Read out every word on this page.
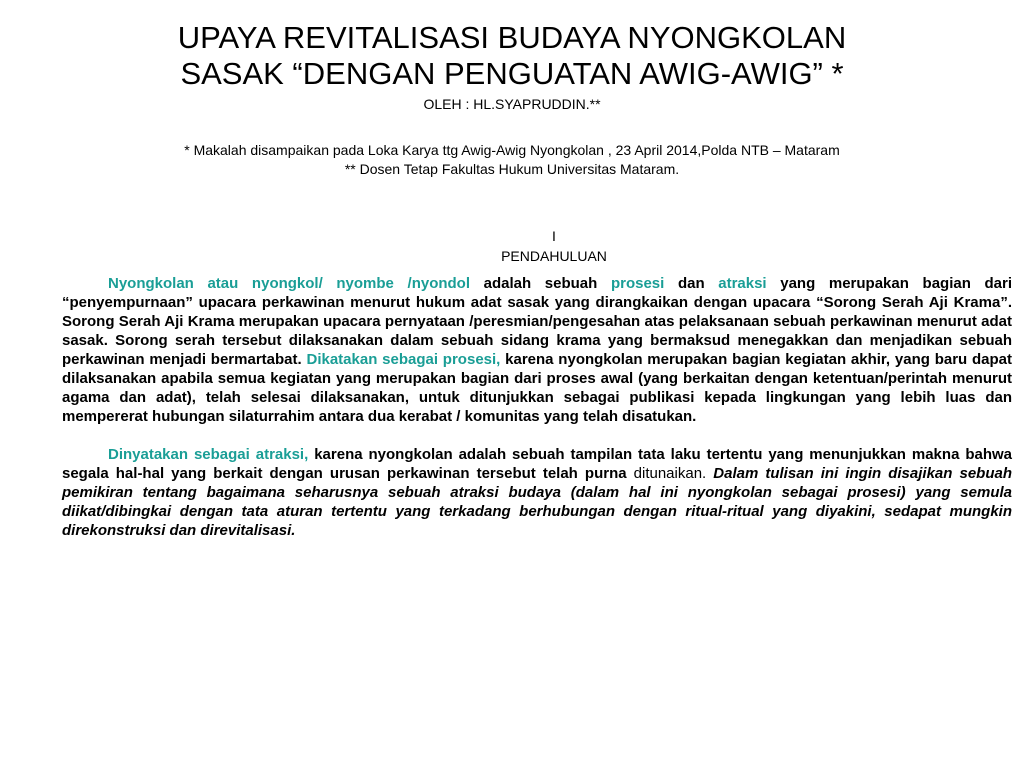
UPAYA REVITALISASI BUDAYA NYONGKOLAN
SASAK “DENGAN PENGUATAN AWIG-AWIG” *
OLEH : HL.SYAPRUDDIN.**
* Makalah disampaikan pada Loka Karya ttg Awig-Awig Nyongkolan , 23 April 2014,Polda NTB – Mataram
** Dosen Tetap Fakultas Hukum Universitas Mataram.
I
PENDAHULUAN

Nyongkolan atau nyongkol/ nyombe /nyondol adalah sebuah prosesi dan atraksi yang merupakan bagian dari “penyempurnaan” upacara perkawinan menurut hukum adat sasak yang dirangkaikan dengan upacara “Sorong Serah Aji Krama”. Sorong Serah Aji Krama merupakan upacara pernyataan /peresmian/pengesahan atas pelaksanaan sebuah perkawinan menurut adat sasak. Sorong serah tersebut dilaksanakan dalam sebuah sidang krama yang bermaksud menegakkan dan menjadikan sebuah perkawinan menjadi bermartabat. Dikatakan sebagai prosesi, karena nyongkolan merupakan bagian kegiatan akhir, yang baru dapat dilaksanakan apabila semua kegiatan yang merupakan bagian dari proses awal (yang berkaitan dengan ketentuan/perintah menurut agama dan adat), telah selesai dilaksanakan, untuk ditunjukkan sebagai publikasi kepada lingkungan yang lebih luas dan mempererat hubungan silaturrahim antara dua kerabat / komunitas yang telah disatukan.

Dinyatakan sebagai atraksi, karena nyongkolan adalah sebuah tampilan tata laku tertentu yang menunjukkan makna bahwa segala hal-hal yang berkait dengan urusan perkawinan tersebut telah purna ditunaikan. Dalam tulisan ini ingin disajikan sebuah pemikiran tentang bagaimana seharusnya sebuah atraksi budaya (dalam hal ini nyongkolan sebagai prosesi) yang semula diikat/dibingkai dengan tata aturan tertentu yang terkadang berhubungan dengan ritual-ritual yang diyakini, sedapat mungkin direkonstruksi dan direvitalisasi.
